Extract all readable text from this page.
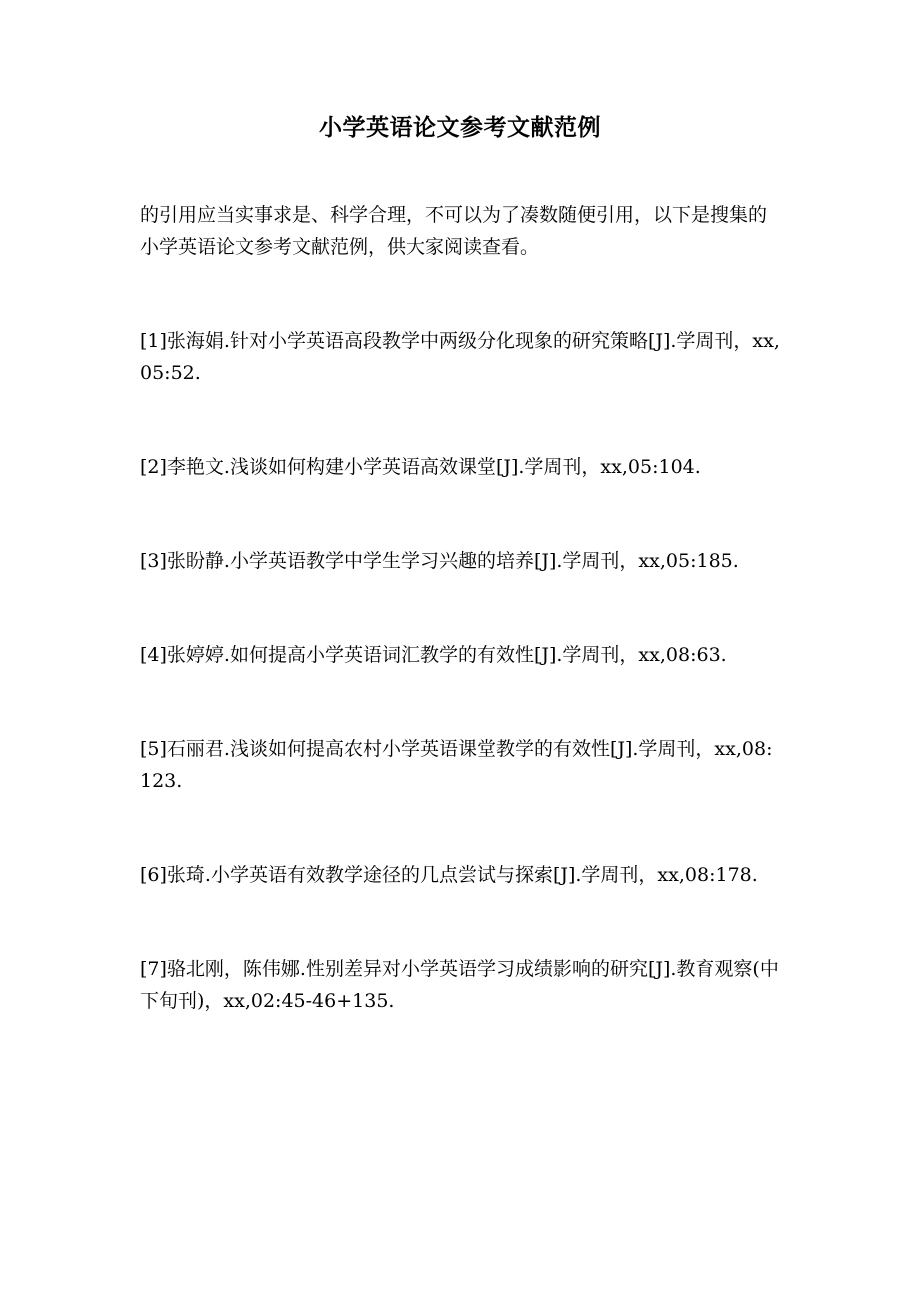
小学英语论文参考文献范例

的引用应当实事求是、科学合理，不可以为了凑数随便引用，以下是搜集的小学英语论文参考文献范例，供大家阅读查看。

[1]张海娟.针对小学英语高段教学中两级分化现象的研究策略[J].学周刊，xx,05:52.

[2]李艳文.浅谈如何构建小学英语高效课堂[J].学周刊，xx,05:104.

[3]张盼静.小学英语教学中学生学习兴趣的培养[J].学周刊，xx,05:185.

[4]张婷婷.如何提高小学英语词汇教学的有效性[J].学周刊，xx,08:63.

[5]石丽君.浅谈如何提高农村小学英语课堂教学的有效性[J].学周刊，xx,08:123.

[6]张琦.小学英语有效教学途径的几点尝试与探索[J].学周刊，xx,08:178.

[7]骆北刚，陈伟娜.性别差异对小学英语学习成绩影响的研究[J].教育观察(中下旬刊)，xx,02:45-46+135.
